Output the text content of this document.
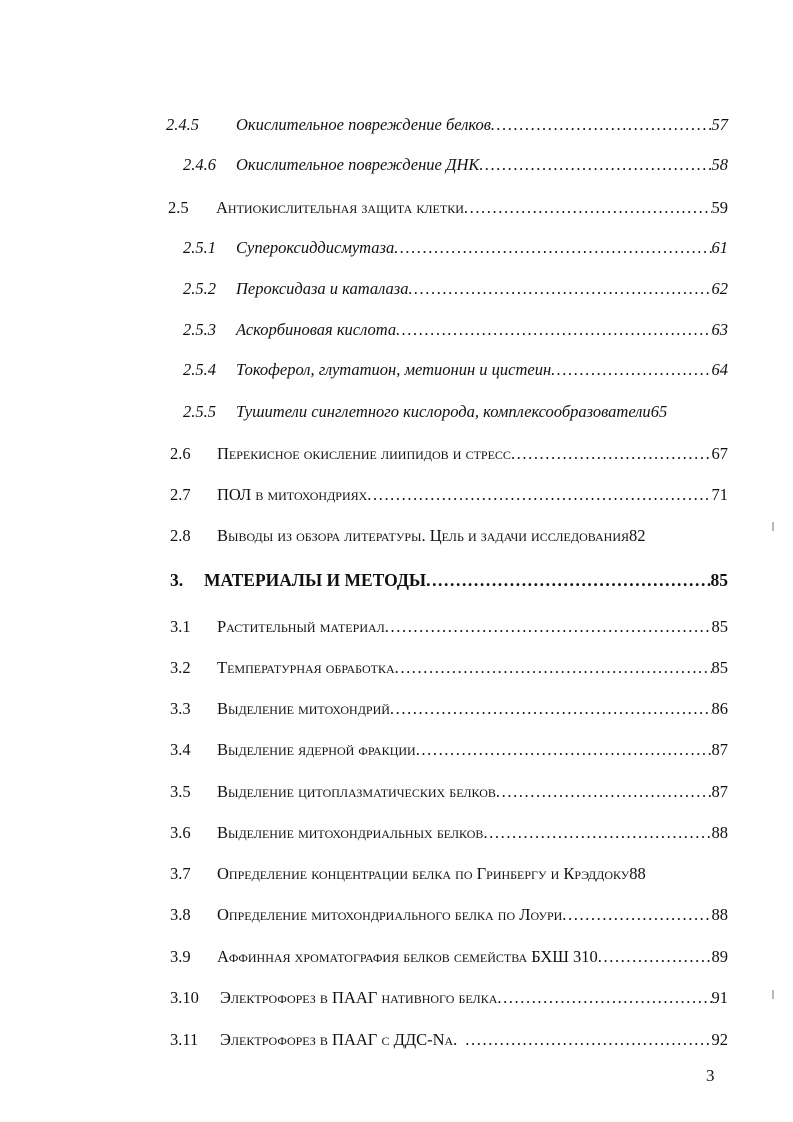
2.4.5	Окислительное повреждение белков .....	57
2.4.6	Окислительное повреждение ДНК .....	58
2.5	Антиокислительная защита клетки .....	59
2.5.1	Супероксиддисмутаза .....	61
2.5.2	Пероксидаза и каталаза .....	62
2.5.3	Аскорбиновая кислота .....	63
2.5.4	Токоферол, глутатион, метионин и цистеин .....	64
2.5.5	Тушители синглетного кислорода, комплексообразователи 65
2.6	Перекисное окисление лиипидов и стресс .....	67
2.7	ПОЛ в митохондриях .....	71
2.8	Выводы из обзора литературы. Цель и задачи исследования 82
3.	МАТЕРИАЛЫ И МЕТОДЫ .....	85
3.1	Растительный материал .....	85
3.2	Температурная обработка .....	85
3.3	Выделение митохондрий .....	86
3.4	Выделение ядерной фракции .....	87
3.5	Выделение цитоплазматических белков .....	87
3.6	Выделение митохондриальных белков .....	88
3.7	Определение концентрации белка по Гринбергу и Крэддоку 88
3.8	Определение митохондриального белка по Лоури .....	88
3.9	Аффинная хроматография белков семейства БХШ 310 .....	89
3.10	Электрофорез в ПААГ нативного белка .....	91
3.11	Электрофорез в ПААГ с ДДС-Na. .....	92
3
